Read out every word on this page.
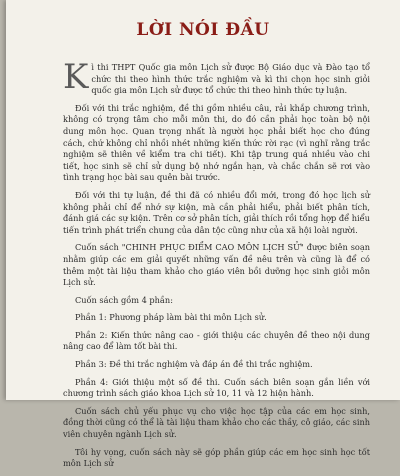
LỜI NÓI ĐẦU

Kì thi THPT Quốc gia môn Lịch sử được Bộ Giáo dục và Đào tạo tổ chức thi theo hình thức trắc nghiệm và kì thi chọn học sinh giỏi quốc gia môn Lịch sử được tổ chức thi theo hình thức tự luận.

Đối với thi trắc nghiệm, đề thi gồm nhiều câu, rải khắp chương trình, không có trọng tâm cho mỗi môn thi, do đó cần phải học toàn bộ nội dung môn học. Quan trọng nhất là người học phải biết học cho đúng cách, chứ không chỉ nhồi nhét những kiến thức rời rạc (vì nghĩ rằng trắc nghiệm sẽ thiên về kiểm tra chi tiết). Khi tập trung quá nhiều vào chi tiết, học sinh sẽ chỉ sử dụng bộ nhớ ngắn hạn, và chắc chắn sẽ rơi vào tình trạng học bài sau quên bài trước.

Đối với thi tự luận, đề thi đã có nhiều đổi mới, trong đó học lịch sử không phải chỉ để nhớ sự kiện, mà cần phải hiểu, phải biết phân tích, đánh giá các sự kiện. Trên cơ sở phân tích, giải thích rồi tổng hợp để hiểu tiến trình phát triển chung của dân tộc cũng như của xã hội loài người.

Cuốn sách "CHINH PHỤC ĐIỂM CAO MÔN LỊCH SỬ" được biên soạn nhằm giúp các em giải quyết những vấn đề nêu trên và cũng là để có thêm một tài liệu tham khảo cho giáo viên bồi dưỡng học sinh giỏi môn Lịch sử.

Cuốn sách gồm 4 phần:

Phần 1: Phương pháp làm bài thi môn Lịch sử.

Phần 2: Kiến thức nâng cao - giới thiệu các chuyên đề theo nội dung nâng cao để làm tốt bài thi.

Phần 3: Đề thi trắc nghiệm và đáp án đề thi trắc nghiệm.

Phần 4: Giới thiệu một số đề thi. Cuốn sách biên soạn gắn liền với chương trình sách giáo khoa Lịch sử 10, 11 và 12 hiện hành.

Cuốn sách chủ yếu phục vụ cho việc học tập của các em học sinh, đồng thời cũng có thể là tài liệu tham khảo cho các thầy, cô giáo, các sinh viên chuyên ngành Lịch sử.

Tôi hy vọng, cuốn sách này sẽ góp phần giúp các em học sinh học tốt môn Lịch sử
